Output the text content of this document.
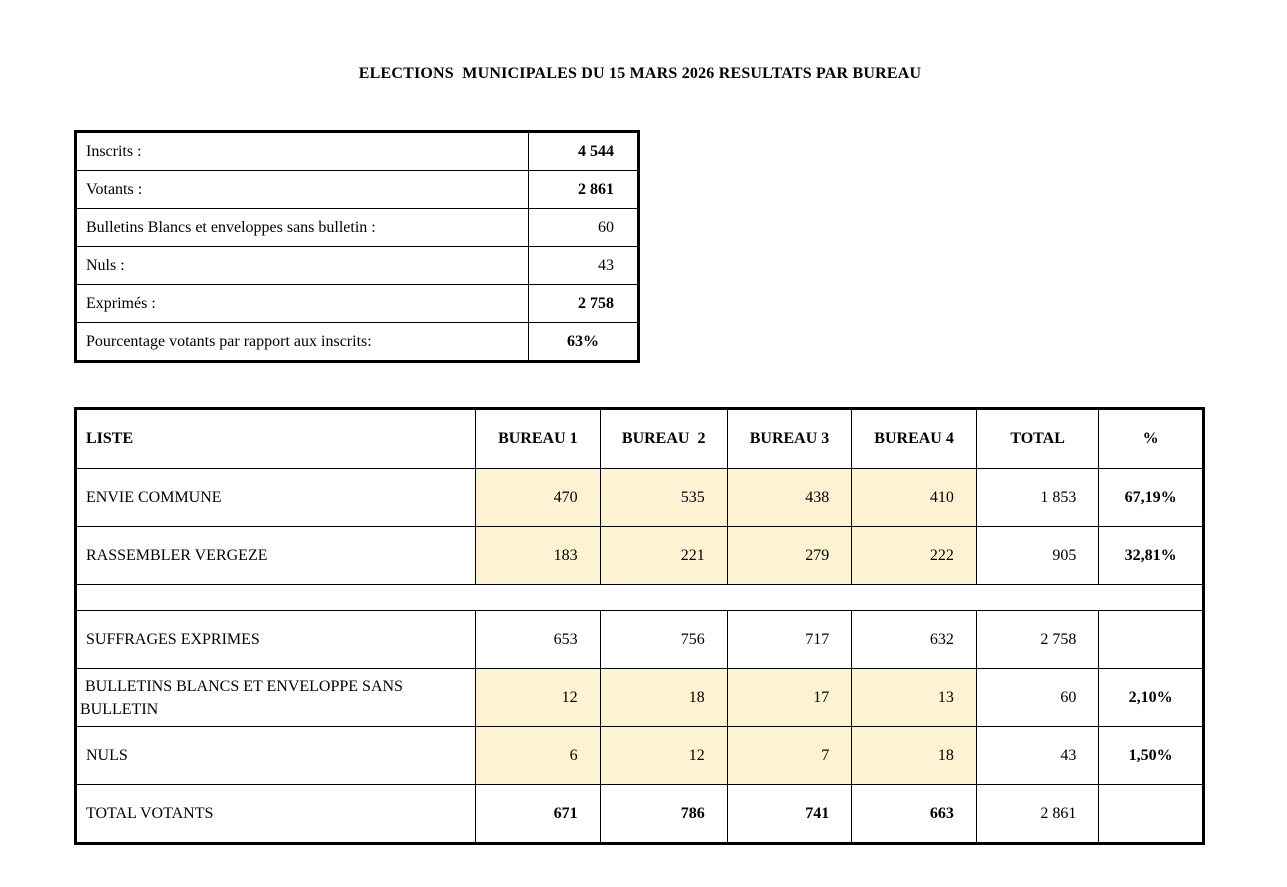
ELECTIONS  MUNICIPALES DU 15 MARS 2026 RESULTATS PAR BUREAU
Inscrits :	4 544
Votants :	2 861
Bulletins Blancs et enveloppes sans bulletin :	60
Nuls :	43
Exprimés :	2 758
Pourcentage votants par rapport aux inscrits:	63%
LISTE	BUREAU 1	BUREAU  2	BUREAU 3	BUREAU 4	TOTAL	%
ENVIE COMMUNE	470	535	438	410	1 853	67,19%
RASSEMBLER VERGEZE	183	221	279	222	905	32,81%

SUFFRAGES EXPRIMES	653	756	717	632	2 758	

BULLETINS BLANCS ET ENVELOPPE SANS
BULLETIN	12	18	17	13	60	2,10%
NULS	6	12	7	18	43	1,50%
TOTAL VOTANTS	671	786	741	663	2 861	
